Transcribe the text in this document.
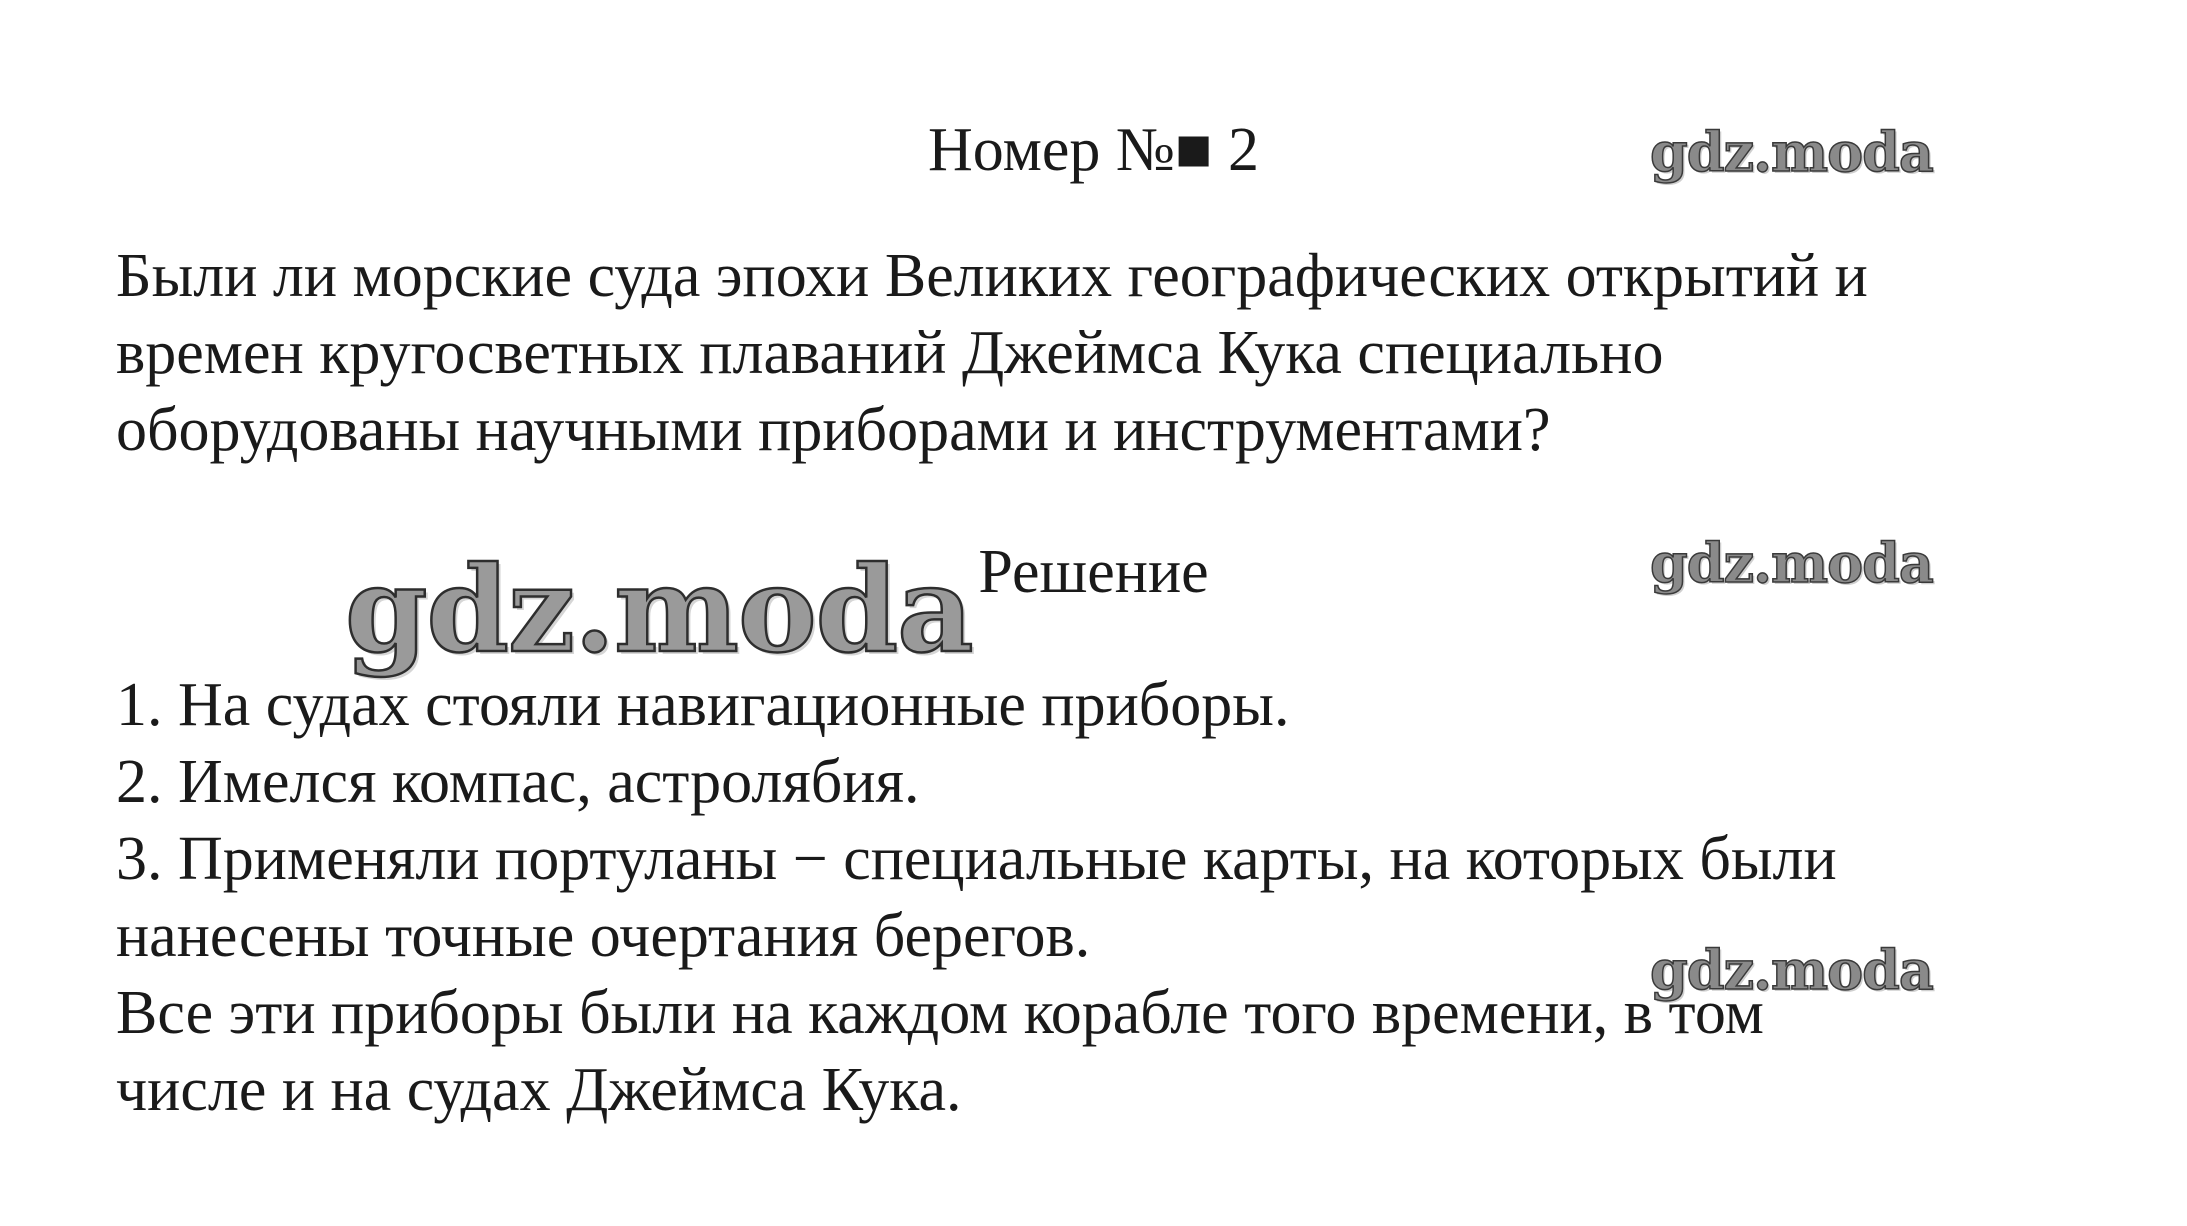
Номер №■ 2

Были ли морские суда эпохи Великих географических открытий и

времен кругосветных плаваний Джеймса Кука специально

оборудованы научными приборами и инструментами?

Решение

1. На судах стояли навигационные приборы.

2. Имелся компас, астролябия.

3. Применяли портуланы − специальные карты, на которых были

нанесены точные очертания берегов.

Все эти приборы были на каждом корабле того времени, в том

числе и на судах Джеймса Кука.

gdz.moda
gdz.moda
gdz.moda
gdz.moda
